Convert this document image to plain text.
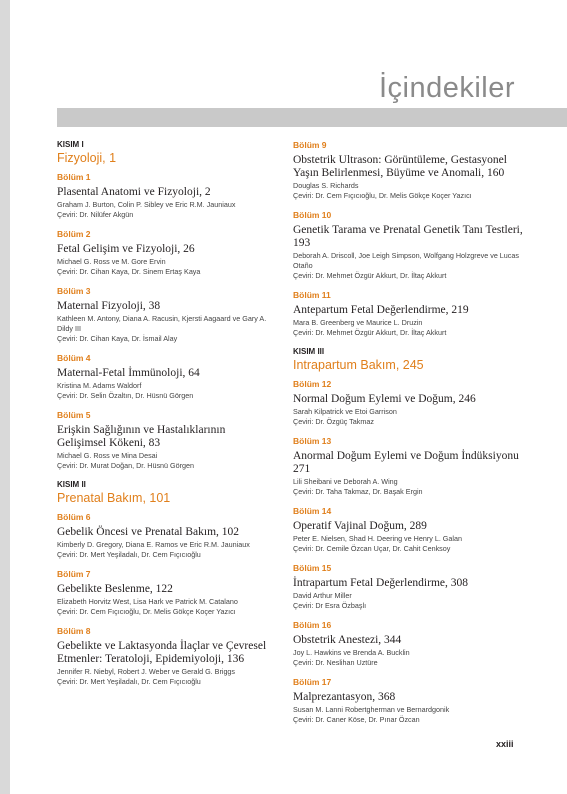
İçindekiler

KISIM I

Fizyoloji, 1

Bölüm 1

Plasental Anatomi ve Fizyoloji, 2

Graham J. Burton, Colin P. Sibley ve Eric R.M. Jauniaux

Çeviri: Dr. Nilüfer Akgün

Bölüm 2

Fetal Gelişim ve Fizyoloji, 26

Michael G. Ross ve M. Gore Ervin

Çeviri: Dr. Cihan Kaya, Dr. Sinem Ertaş Kaya

Bölüm 3

Maternal Fizyoloji, 38

Kathleen M. Antony, Diana A. Racusin, Kjersti Aagaard ve Gary A. Dildy III

Çeviri: Dr. Cihan Kaya, Dr. İsmail Alay

Bölüm 4

Maternal-Fetal İmmünoloji, 64

Kristina M. Adams Waldorf

Çeviri: Dr. Selin Özaltın, Dr. Hüsnü Görgen

Bölüm 5

Erişkin Sağlığının ve Hastalıklarının Gelişimsel Kökeni, 83

Michael G. Ross ve Mina Desai

Çeviri: Dr. Murat Doğan, Dr. Hüsnü Görgen

KISIM II

Prenatal Bakım, 101

Bölüm 6

Gebelik Öncesi ve Prenatal Bakım, 102

Kimberly D. Gregory, Diana E. Ramos ve Eric R.M. Jauniaux

Çeviri: Dr. Mert Yeşiladalı, Dr. Cem Fıçıcıoğlu

Bölüm 7

Gebelikte Beslenme, 122

Elizabeth Horvitz West, Lisa Hark ve Patrick M. Catalano

Çeviri: Dr. Cem Fıçıcıoğlu, Dr. Melis Gökçe Koçer Yazıcı

Bölüm 8

Gebelikte ve Laktasyonda İlaçlar ve Çevresel Etmenler: Teratoloji, Epidemiyoloji, 136

Jennifer R. Niebyl, Robert J. Weber ve Gerald G. Briggs

Çeviri: Dr. Mert Yeşiladalı, Dr. Cem Fıçıcıoğlu

Bölüm 9

Obstetrik Ultrason: Görüntüleme, Gestasyonel Yaşın Belirlenmesi, Büyüme ve Anomali, 160

Douglas S. Richards

Çeviri: Dr. Cem Fıçıcıoğlu, Dr. Melis Gökçe Koçer Yazıcı

Bölüm 10

Genetik Tarama ve Prenatal Genetik Tanı Testleri, 193

Deborah A. Driscoll, Joe Leigh Simpson, Wolfgang Holzgreve ve Lucas Otaño

Çeviri: Dr. Mehmet Özgür Akkurt, Dr. İltaç Akkurt

Bölüm 11

Antepartum Fetal Değerlendirme, 219

Mara B. Greenberg ve Maurice L. Druzin

Çeviri: Dr. Mehmet Özgür Akkurt, Dr. İltaç Akkurt

KISIM III

Intrapartum Bakım, 245

Bölüm 12

Normal Doğum Eylemi ve Doğum, 246

Sarah Kilpatrick ve Etoi Garrison

Çeviri: Dr. Özgüç Takmaz

Bölüm 13

Anormal Doğum Eylemi ve Doğum İndüksiyonu 271

Lili Sheibani ve Deborah A. Wing

Çeviri: Dr. Taha Takmaz, Dr. Başak Ergin

Bölüm 14

Operatif Vajinal Doğum, 289

Peter E. Nielsen, Shad H. Deering ve Henry L. Galan

Çeviri: Dr. Cemile Özcan Uçar, Dr. Cahit Cenksoy

Bölüm 15

İntrapartum Fetal Değerlendirme, 308

David Arthur Miller

Çeviri: Dr Esra Özbaşlı

Bölüm 16

Obstetrik Anestezi, 344

Joy L. Hawkins ve Brenda A. Bucklin

Çeviri: Dr. Neslihan Uztüre

Bölüm 17

Malprezantasyon, 368

Susan M. Lanni Robertgherman ve Bernardgonik

Çeviri: Dr. Caner Köse, Dr. Pınar Özcan

xxiii
